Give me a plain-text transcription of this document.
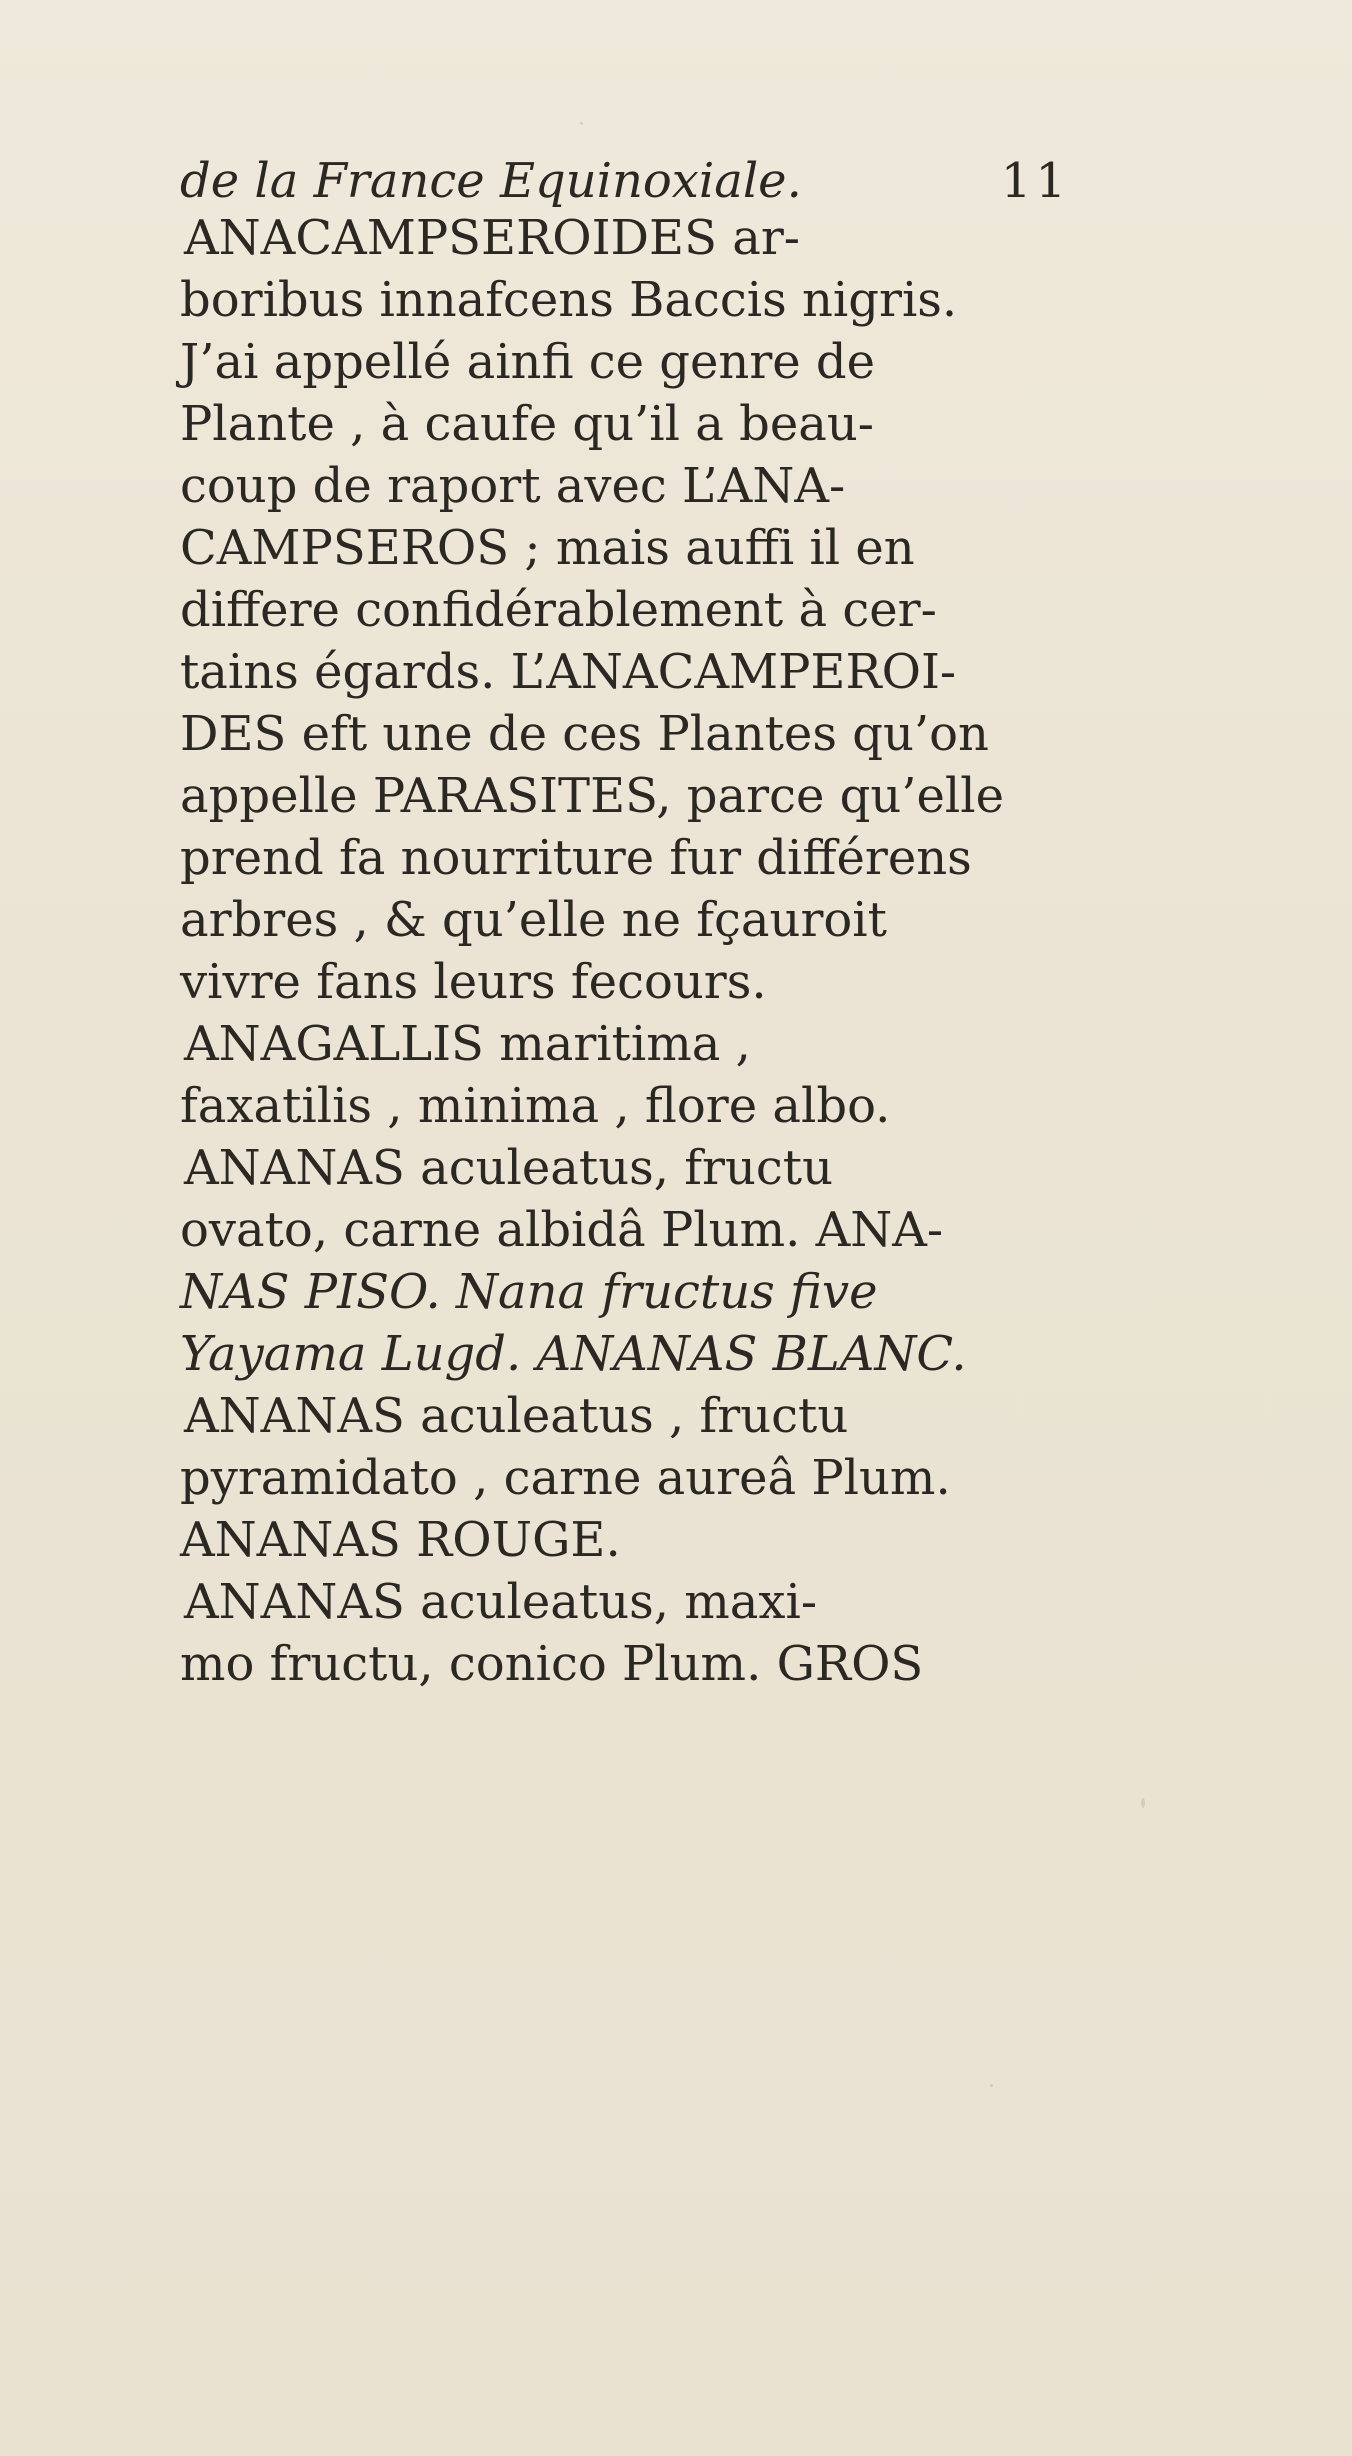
de la France Equinoxiale.	11
ANACAMPSEROIDES ar-
boribus innafcens Baccis nigris.
J’ai appellé ainfi ce genre de
Plante , à caufe qu’il a beau-
coup de raport avec L’ANA-
CAMPSEROS ; mais auffi il en
differe confidérablement à cer-
tains égards. L’ANACAMPEROI-
DES eft une de ces Plantes qu’on
appelle PARASITES, parce qu’elle
prend fa nourriture fur différens
arbres , & qu’elle ne fçauroit
vivre fans leurs fecours.
ANAGALLIS maritima ,
faxatilis , minima , flore albo.
ANANAS aculeatus, fructu
ovato, carne albidâ Plum. ANA-
NAS PISO. Nana fructus five
Yayama Lugd. ANANAS BLANC.
ANANAS aculeatus , fructu
pyramidato , carne aureâ Plum.
ANANAS ROUGE.
ANANAS aculeatus, maxi-
mo fructu, conico Plum. GROS
